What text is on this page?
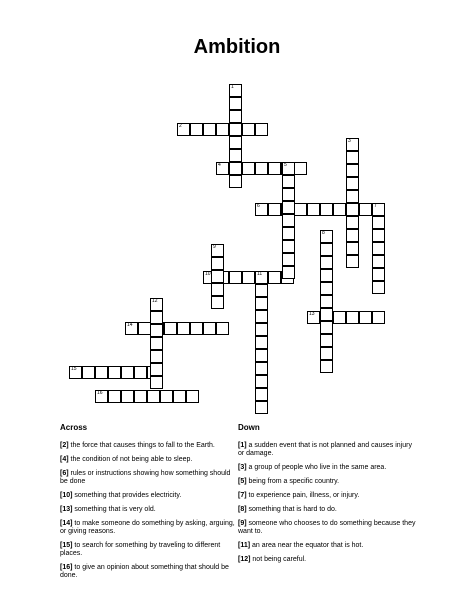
Ambition
1
2
3
4	5
6	7
8
9
10	11
12
13
14
15
16
Across
[2] the force that causes things to fall to the Earth.
[4] the condition of not being able to sleep.
[6] rules or instructions showing how something should be done
[10] something that provides electricity.
[13] something that is very old.
[14] to make someone do something by asking, arguing, or giving reasons.
[15] to search for something by traveling to different places.
[16] to give an opinion about something that should be done.
Down
[1] a sudden event that is not planned and causes injury or damage.
[3] a group of people who live in the same area.
[5] being from a specific country.
[7] to experience pain, illness, or injury.
[8] something that is hard to do.
[9] someone who chooses to do something because they want to.
[11] an area near the equator that is hot.
[12] not being careful.
